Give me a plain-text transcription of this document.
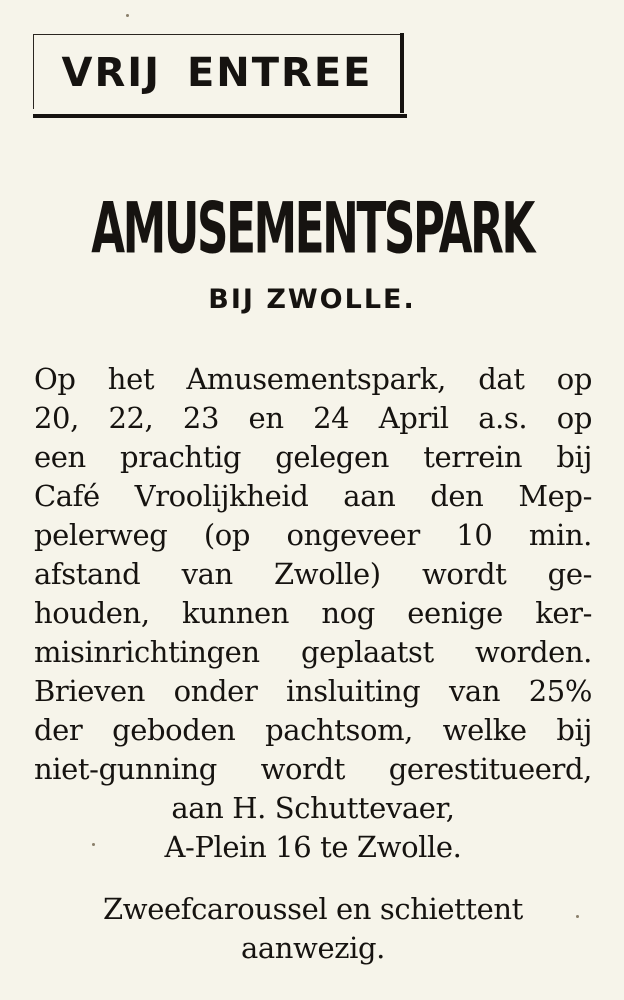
VRIJ ENTREE
AMUSEMENTSPARK
BIJ ZWOLLE.
Op het Amusementspark, dat op
20, 22, 23 en 24 April a.s. op
een prachtig gelegen terrein bij
Café Vroolijkheid aan den Mep-
pelerweg (op ongeveer 10 min.
afstand van Zwolle) wordt ge-
houden, kunnen nog eenige ker-
misinrichtingen geplaatst worden.
Brieven onder insluiting van 25%
der geboden pachtsom, welke bij
niet-gunning wordt gerestitueerd,
aan H. Schuttevaer,
A-Plein 16 te Zwolle.
Zweefcaroussel en schiettent
aanwezig.
